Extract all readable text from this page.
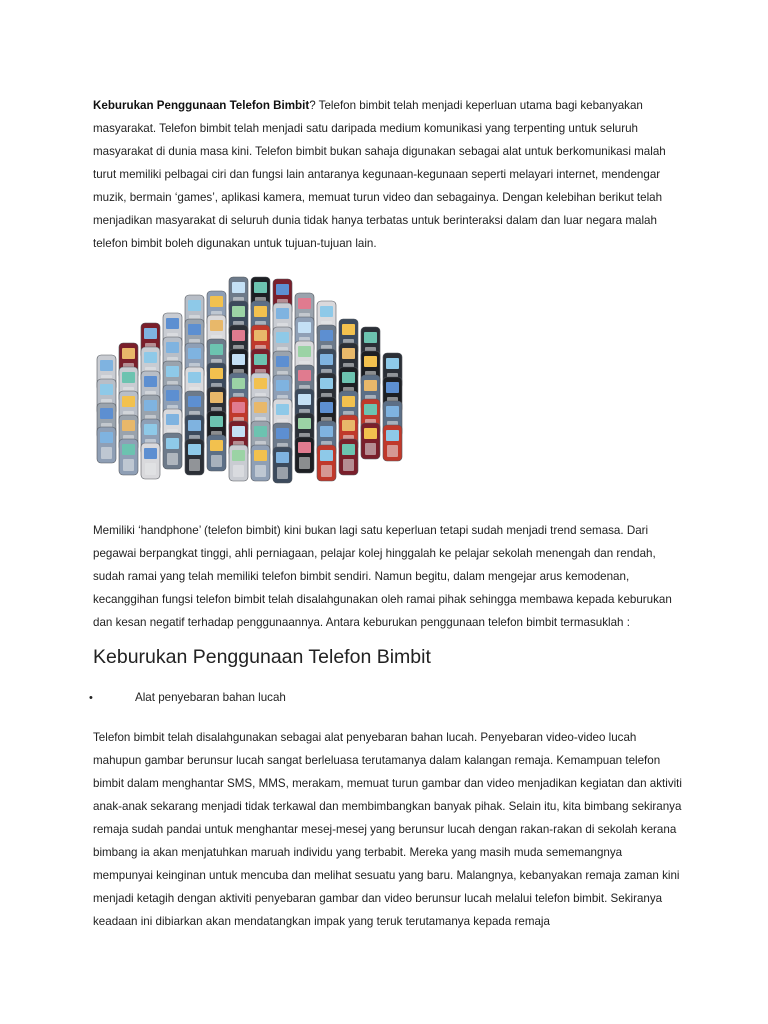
Keburukan Penggunaan Telefon Bimbit? Telefon bimbit telah menjadi keperluan utama bagi kebanyakan masyarakat. Telefon bimbit telah menjadi satu daripada medium komunikasi yang terpenting untuk seluruh masyarakat di dunia masa kini. Telefon bimbit bukan sahaja digunakan sebagai alat untuk berkomunikasi malah turut memiliki pelbagai ciri dan fungsi lain antaranya kegunaan-kegunaan seperti melayari internet, mendengar muzik, bermain ‘games’, aplikasi kamera, memuat turun video dan sebagainya. Dengan kelebihan berikut telah menjadikan masyarakat di seluruh dunia tidak hanya terbatas untuk berinteraksi dalam dan luar negara malah telefon bimbit boleh digunakan untuk tujuan-tujuan lain.

Memiliki ‘handphone’ (telefon bimbit) kini bukan lagi satu keperluan tetapi sudah menjadi trend semasa. Dari pegawai berpangkat tinggi, ahli perniagaan, pelajar kolej hinggalah ke pelajar sekolah menengah dan rendah, sudah ramai yang telah memiliki telefon bimbit sendiri. Namun begitu, dalam mengejar arus kemodenan, kecanggihan fungsi telefon bimbit telah disalahgunakan oleh ramai pihak sehingga membawa kepada keburukan dan kesan negatif terhadap penggunaannya. Antara keburukan penggunaan telefon bimbit termasuklah :

Keburukan Penggunaan Telefon Bimbit
•	Alat penyebaran bahan lucah

Telefon bimbit telah disalahgunakan sebagai alat penyebaran bahan lucah. Penyebaran video-video lucah mahupun gambar berunsur lucah sangat berleluasa terutamanya dalam kalangan remaja. Kemampuan telefon bimbit dalam menghantar SMS, MMS, merakam, memuat turun gambar dan video menjadikan kegiatan dan aktiviti anak-anak sekarang menjadi tidak terkawal dan membimbangkan banyak pihak. Selain itu, kita bimbang sekiranya remaja sudah pandai untuk menghantar mesej-mesej yang berunsur lucah dengan rakan-rakan di sekolah kerana bimbang ia akan menjatuhkan maruah individu yang terbabit. Mereka yang masih muda sememangnya mempunyai keinginan untuk mencuba dan melihat sesuatu yang baru. Malangnya, kebanyakan remaja zaman kini menjadi ketagih dengan aktiviti penyebaran gambar dan video berunsur lucah melalui telefon bimbit. Sekiranya keadaan ini dibiarkan akan mendatangkan impak yang teruk terutamanya kepada remaja
